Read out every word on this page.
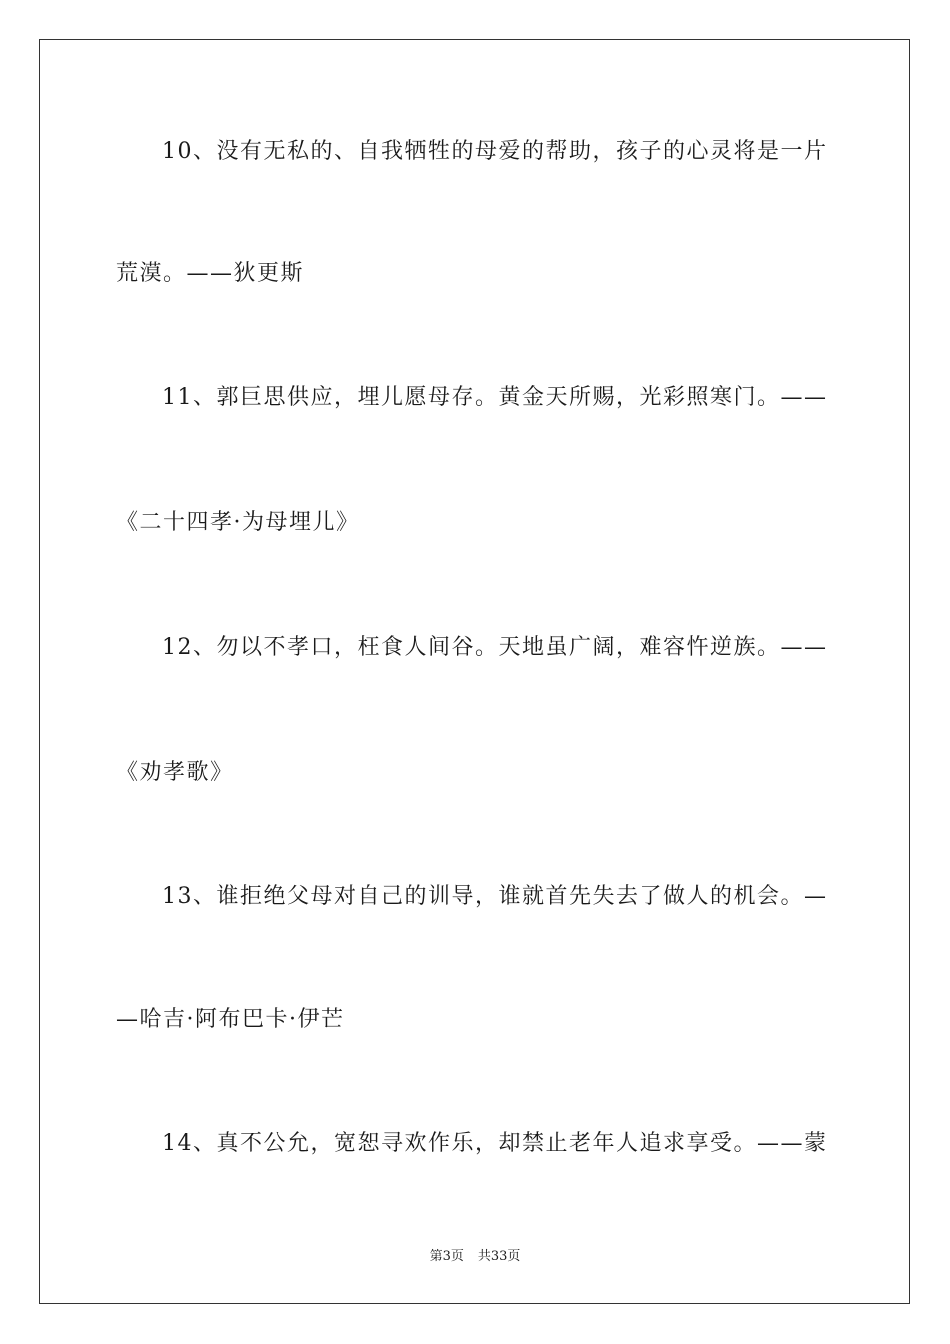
10、没有无私的、自我牺牲的母爱的帮助，孩子的心灵将是一片
荒漠。——狄更斯
11、郭巨思供应，埋儿愿母存。黄金天所赐，光彩照寒门。——
《二十四孝·为母埋儿》
12、勿以不孝口，枉食人间谷。天地虽广阔，难容忤逆族。——
《劝孝歌》
13、谁拒绝父母对自己的训导，谁就首先失去了做人的机会。—
—哈吉·阿布巴卡·伊芒
14、真不公允，宽恕寻欢作乐，却禁止老年人追求享受。——蒙
第3页 共33页
